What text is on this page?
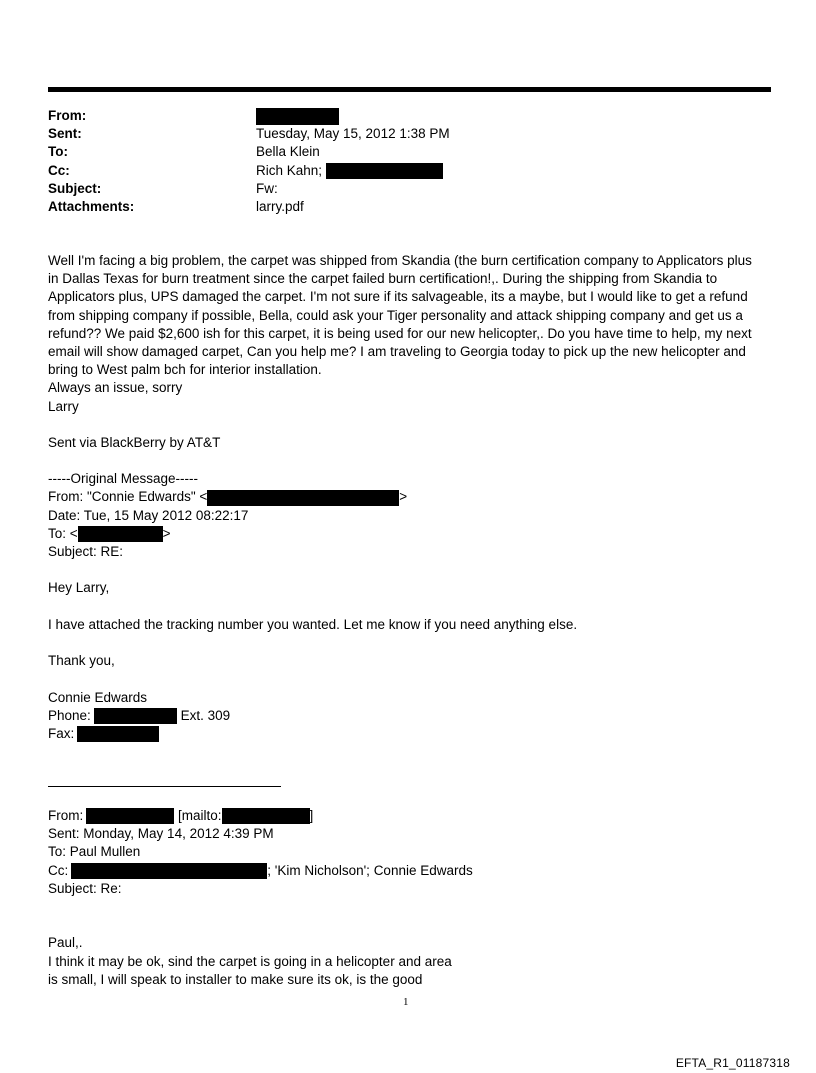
From:
Sent:	Tuesday, May 15, 2012 1:38 PM
To:	Bella Klein
Cc:	Rich Kahn;
Subject:	Fw:
Attachments:	larry.pdf
Well I'm facing a big problem, the carpet was shipped from Skandia (the burn certification company to Applicators plus
in Dallas Texas for burn treatment since the carpet failed burn certification!,. During the shipping from Skandia to
Applicators plus, UPS damaged the carpet. I'm not sure if its salvageable, its a maybe, but I would like to get a refund
from shipping company if possible, Bella, could ask your Tiger personality and attack shipping company and get us a
refund?? We paid $2,600 ish for this carpet, it is being used for our new helicopter,. Do you have time to help, my next
email will show damaged carpet, Can you help me? I am traveling to Georgia today to pick up the new helicopter and
bring to West palm bch for interior installation.
Always an issue, sorry
Larry
Sent via BlackBerry by AT&T
-----Original Message-----
From: "Connie Edwards" <	>
Date: Tue, 15 May 2012 08:22:17
To: <	>
Subject: RE:
Hey Larry,
I have attached the tracking number you wanted. Let me know if you need anything else.
Thank you,
Connie Edwards
Phone:	Ext. 309
Fax:
From:	[mailto:	]
Sent: Monday, May 14, 2012 4:39 PM
To: Paul Mullen
Cc:	; 'Kim Nicholson'; Connie Edwards
Subject: Re:
Paul,.
I think it may be ok, sind the carpet is going in a helicopter and area
is small, I will speak to installer to make sure its ok, is the good
1
EFTA_R1_01187318
